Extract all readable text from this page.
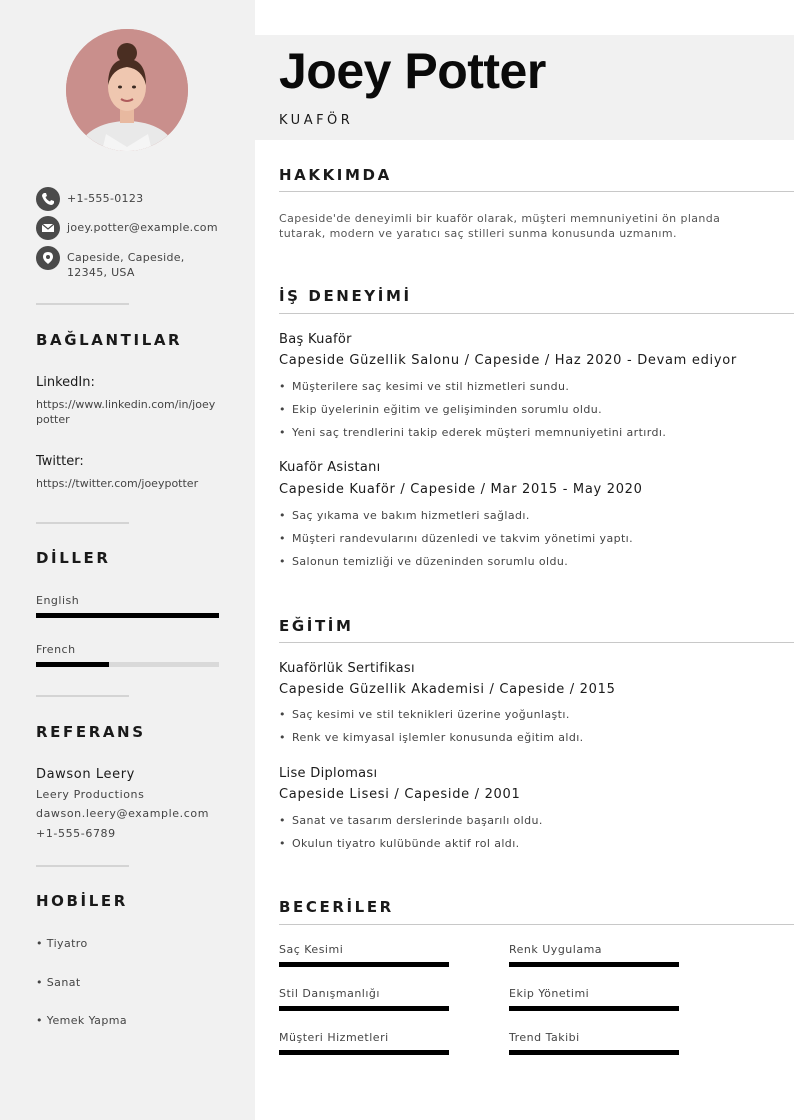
+1-555-0123
joey.potter@example.com
Capeside, Capeside, 12345, USA
BAĞLANTILAR
LinkedIn:
https://www.linkedin.com/in/joeypotter
Twitter:
https://twitter.com/joeypotter
DİLLER
English
French
REFERANS
Dawson Leery
Leery Productions
dawson.leery@example.com
+1-555-6789
HOBİLER
• Tiyatro
• Sanat
• Yemek Yapma
Joey Potter
KUAFÖR
HAKKIMDA
Capeside'de deneyimli bir kuaför olarak, müşteri memnuniyetini ön planda tutarak, modern ve yaratıcı saç stilleri sunma konusunda uzmanım.
İŞ DENEYİMİ
Baş Kuaför
Capeside Güzellik Salonu / Capeside / Haz 2020 - Devam ediyor
• Müşterilere saç kesimi ve stil hizmetleri sundu.
• Ekip üyelerinin eğitim ve gelişiminden sorumlu oldu.
• Yeni saç trendlerini takip ederek müşteri memnuniyetini artırdı.
Kuaför Asistanı
Capeside Kuaför / Capeside / Mar 2015 - May 2020
• Saç yıkama ve bakım hizmetleri sağladı.
• Müşteri randevularını düzenledi ve takvim yönetimi yaptı.
• Salonun temizliği ve düzeninden sorumlu oldu.
EĞİTİM
Kuaförlük Sertifikası
Capeside Güzellik Akademisi / Capeside / 2015
• Saç kesimi ve stil teknikleri üzerine yoğunlaştı.
• Renk ve kimyasal işlemler konusunda eğitim aldı.
Lise Diploması
Capeside Lisesi / Capeside / 2001
• Sanat ve tasarım derslerinde başarılı oldu.
• Okulun tiyatro kulübünde aktif rol aldı.
BECERİLER
Saç Kesimi	Renk Uygulama
Stil Danışmanlığı	Ekip Yönetimi
Müşteri Hizmetleri	Trend Takibi
